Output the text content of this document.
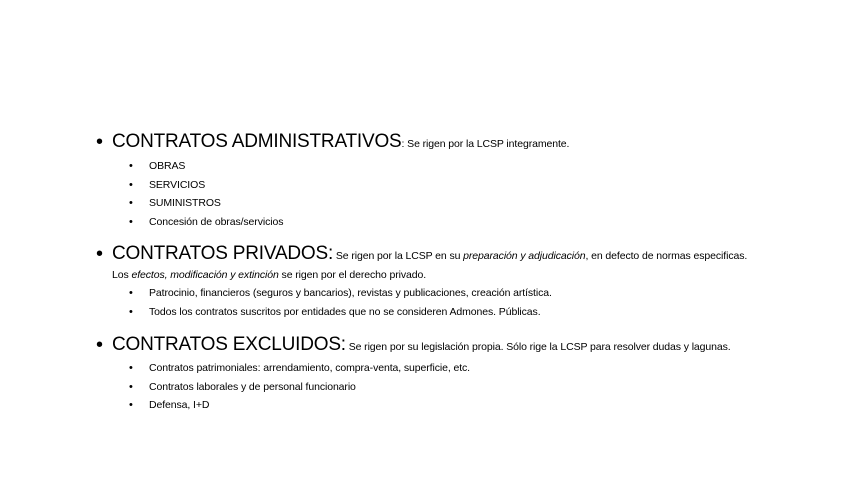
• CONTRATOS ADMINISTRATIVOS: Se rigen por la LCSP integramente.
• OBRAS
• SERVICIOS
• SUMINISTROS
• Concesión de obras/servicios
• CONTRATOS PRIVADOS: Se rigen por la LCSP en su preparación y adjudicación, en defecto de normas especificas.
Los efectos, modificación y extinción se rigen por el derecho privado.
• Patrocinio, financieros (seguros y bancarios), revistas y publicaciones, creación artística.
• Todos los contratos suscritos por entidades que no se consideren Admones. Públicas.
• CONTRATOS EXCLUIDOS: Se rigen por su legislación propia. Sólo rige la LCSP para resolver dudas y lagunas.
• Contratos patrimoniales: arrendamiento, compra-venta, superficie, etc.
• Contratos laborales y de personal funcionario
• Defensa, I+D
